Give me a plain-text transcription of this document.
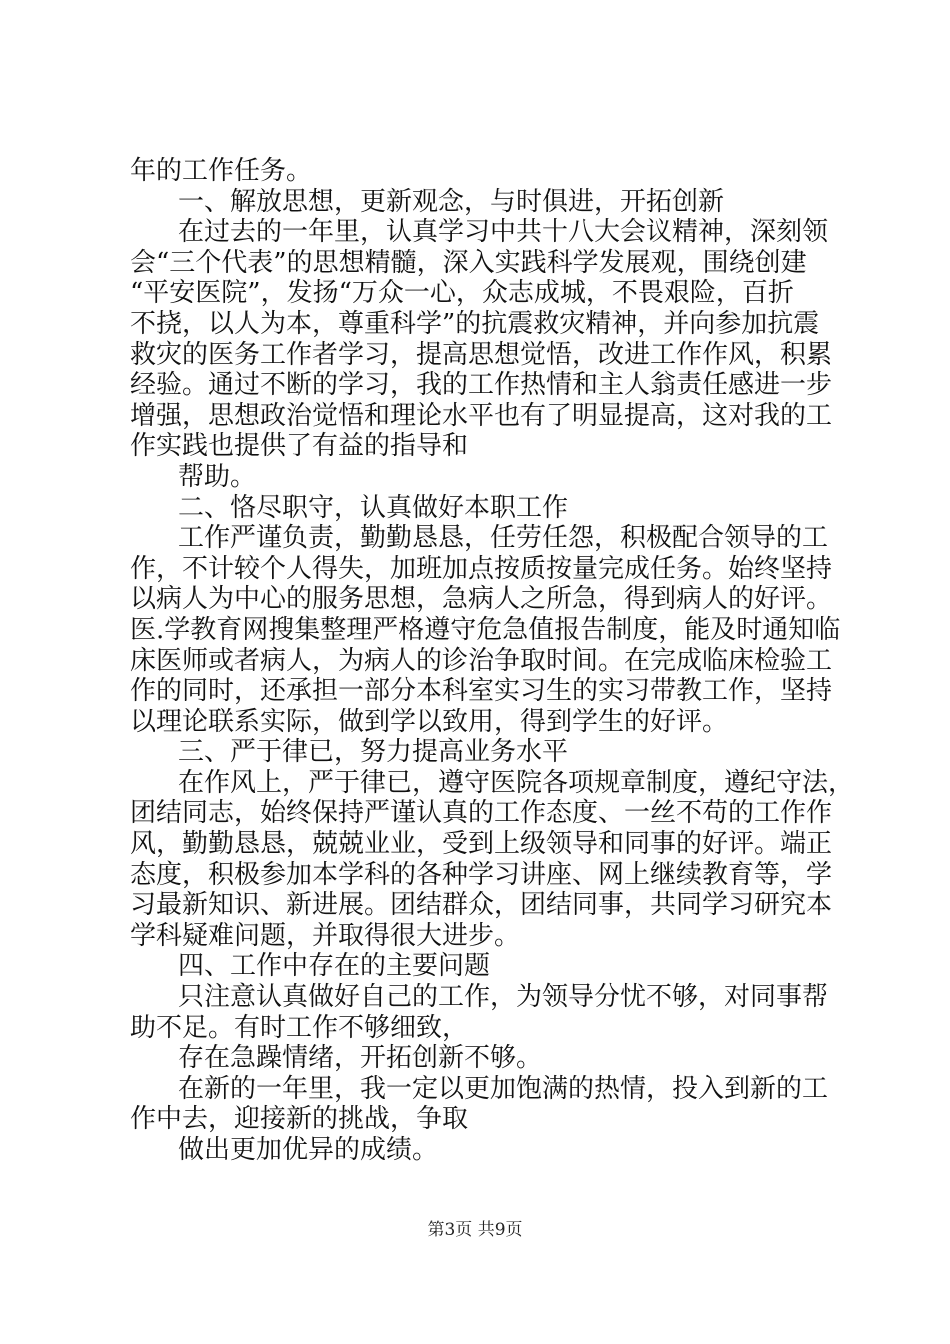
年的工作任务。
一、解放思想，更新观念，与时俱进，开拓创新
在过去的一年里，认真学习中共十八大会议精神，深刻领
会“三个代表”的思想精髓，深入实践科学发展观，围绕创建
“平安医院”，发扬“万众一心，众志成城，不畏艰险，百折
不挠，以人为本，尊重科学”的抗震救灾精神，并向参加抗震
救灾的医务工作者学习，提高思想觉悟，改进工作作风，积累
经验。通过不断的学习，我的工作热情和主人翁责任感进一步
增强，思想政治觉悟和理论水平也有了明显提高，这对我的工
作实践也提供了有益的指导和
帮助。
二、恪尽职守，认真做好本职工作
工作严谨负责，勤勤恳恳，任劳任怨，积极配合领导的工
作，不计较个人得失，加班加点按质按量完成任务。始终坚持
以病人为中心的服务思想，急病人之所急，得到病人的好评。
医.学教育网搜集整理严格遵守危急值报告制度，能及时通知临
床医师或者病人，为病人的诊治争取时间。在完成临床检验工
作的同时，还承担一部分本科室实习生的实习带教工作，坚持
以理论联系实际，做到学以致用，得到学生的好评。
三、严于律已，努力提高业务水平
在作风上，严于律已，遵守医院各项规章制度，遵纪守法，
团结同志，始终保持严谨认真的工作态度、一丝不苟的工作作
风，勤勤恳恳，兢兢业业，受到上级领导和同事的好评。端正
态度，积极参加本学科的各种学习讲座、网上继续教育等，学
习最新知识、新进展。团结群众，团结同事，共同学习研究本
学科疑难问题，并取得很大进步。
四、工作中存在的主要问题
只注意认真做好自己的工作，为领导分忧不够，对同事帮
助不足。有时工作不够细致，
存在急躁情绪，开拓创新不够。
在新的一年里，我一定以更加饱满的热情，投入到新的工
作中去，迎接新的挑战，争取
做出更加优异的成绩。
第3页 共9页
